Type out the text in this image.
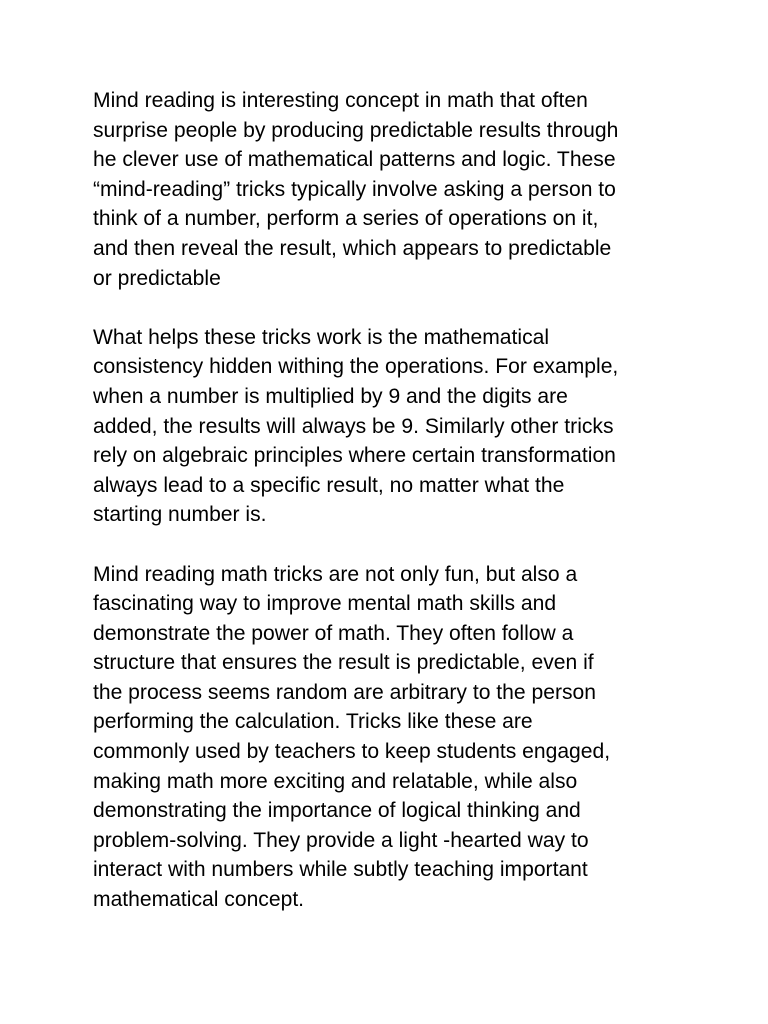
Mind reading is interesting concept in math that often
surprise people by producing predictable results through
he clever use of mathematical patterns and logic. These
“mind-reading” tricks typically involve asking a person to
think of a number, perform a series of operations on it,
and then reveal the result, which appears to predictable
or predictable

What helps these tricks work is the mathematical
consistency hidden withing the operations. For example,
when a number is multiplied by 9 and the digits are
added, the results will always be 9. Similarly other tricks
rely on algebraic principles where certain transformation
always lead to a specific result, no matter what the
starting number is.

Mind reading math tricks are not only fun, but also a
fascinating way to improve mental math skills and
demonstrate the power of math. They often follow a
structure that ensures the result is predictable, even if
the process seems random are arbitrary to the person
performing the calculation. Tricks like these are
commonly used by teachers to keep students engaged,
making math more exciting and relatable, while also
demonstrating the importance of logical thinking and
problem-solving. They provide a light -hearted way to
interact with numbers while subtly teaching important
mathematical concept.
